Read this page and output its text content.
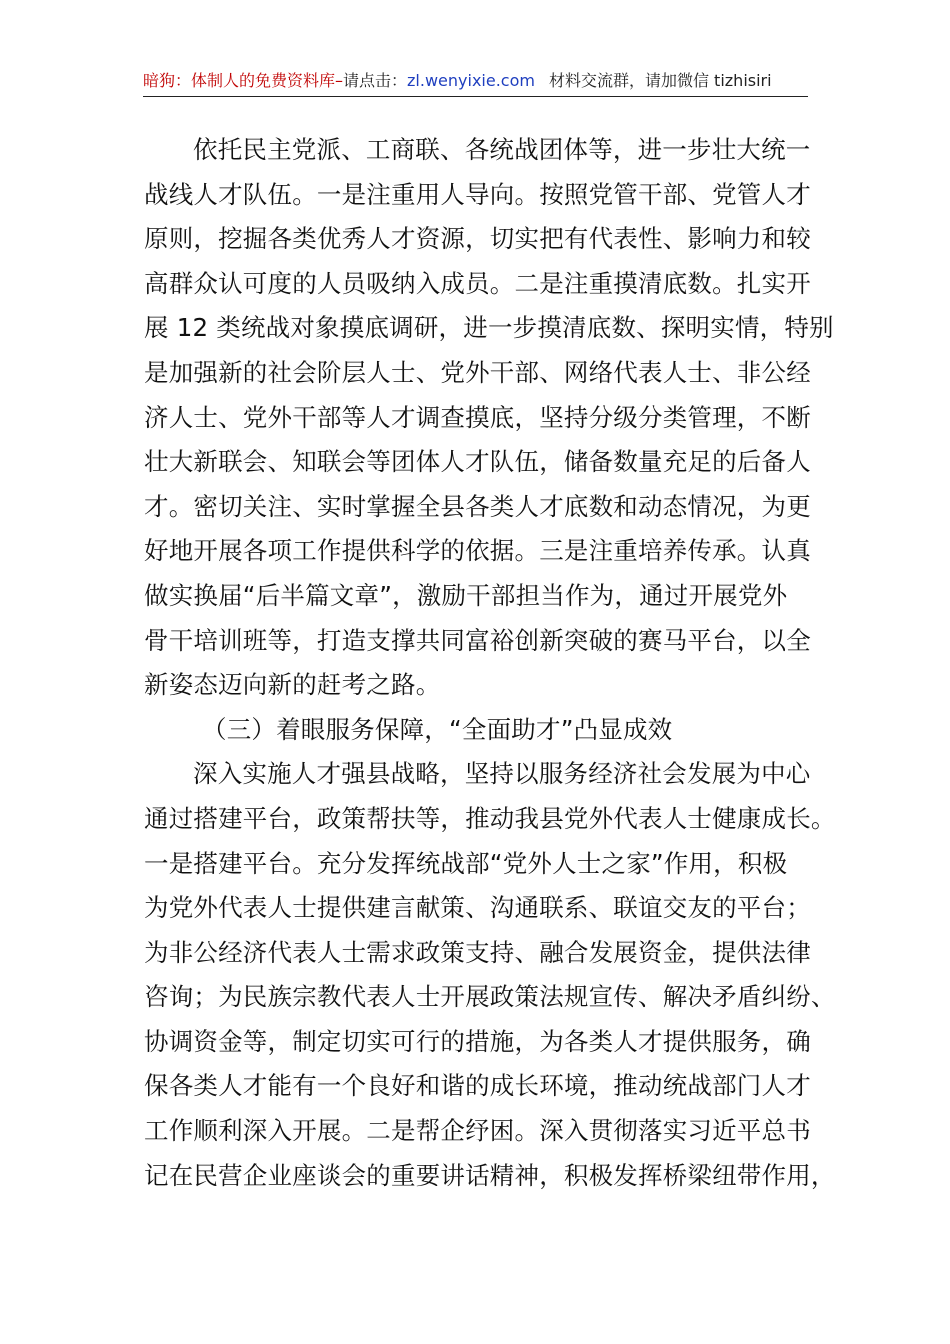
暗狗：体制人的免费资料库–请点击：zl.wenyixie.com 材料交流群，请加微信 tizhisiri
依托民主党派、工商联、各统战团体等，进一步壮大统一
战线人才队伍。一是注重用人导向。按照党管干部、党管人才
原则，挖掘各类优秀人才资源，切实把有代表性、影响力和较
高群众认可度的人员吸纳入成员。二是注重摸清底数。扎实开
展 12 类统战对象摸底调研，进一步摸清底数、探明实情，特别
是加强新的社会阶层人士、党外干部、网络代表人士、非公经
济人士、党外干部等人才调查摸底，坚持分级分类管理，不断
壮大新联会、知联会等团体人才队伍，储备数量充足的后备人
才。密切关注、实时掌握全县各类人才底数和动态情况，为更
好地开展各项工作提供科学的依据。三是注重培养传承。认真
做实换届“后半篇文章”，激励干部担当作为，通过开展党外
骨干培训班等，打造支撑共同富裕创新突破的赛马平台，以全
新姿态迈向新的赶考之路。
（三）着眼服务保障，“全面助才”凸显成效
深入实施人才强县战略，坚持以服务经济社会发展为中心
通过搭建平台，政策帮扶等，推动我县党外代表人士健康成长。
一是搭建平台。充分发挥统战部“党外人士之家”作用，积极
为党外代表人士提供建言献策、沟通联系、联谊交友的平台；
为非公经济代表人士需求政策支持、融合发展资金，提供法律
咨询；为民族宗教代表人士开展政策法规宣传、解决矛盾纠纷、
协调资金等，制定切实可行的措施，为各类人才提供服务，确
保各类人才能有一个良好和谐的成长环境，推动统战部门人才
工作顺利深入开展。二是帮企纾困。深入贯彻落实习近平总书
记在民营企业座谈会的重要讲话精神，积极发挥桥梁纽带作用，
